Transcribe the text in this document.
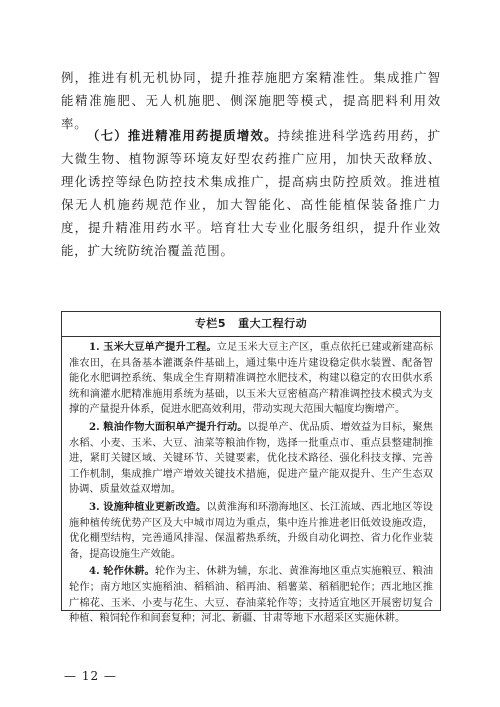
例，推进有机无机协同，提升推荐施肥方案精准性。集成推广智能精准施肥、无人机施肥、侧深施肥等模式，提高肥料利用效率。

（七）推进精准用药提质增效。持续推进科学选药用药，扩大微生物、植物源等环境友好型农药推广应用，加快天敌释放、理化诱控等绿色防控技术集成推广，提高病虫防控质效。推进植保无人机施药规范作业，加大智能化、高性能植保装备推广力度，提升精准用药水平。培育壮大专业化服务组织，提升作业效能，扩大统防统治覆盖范围。

专栏5 重大工程行动

1. 玉米大豆单产提升工程。立足玉米大豆主产区，重点依托已建或新建高标准农田，在具备基本灌溉条件基础上，通过集中连片建设稳定供水装置、配备智能化水肥调控系统、集成全生育期精准调控水肥技术，构建以稳定的农田供水系统和滴灌水肥精准施用系统为基础，以玉米大豆密植高产精准调控技术模式为支撑的产量提升体系，促进水肥高效利用，带动实现大范围大幅度均衡增产。

2. 粮油作物大面积单产提升行动。以提单产、优品质、增效益为目标，聚焦水稻、小麦、玉米、大豆、油菜等粮油作物，选择一批重点市、重点县整建制推进，紧盯关键区域、关键环节、关键要素，优化技术路径、强化科技支撑、完善工作机制，集成推广增产增效关键技术措施，促进产量产能双提升、生产生态双协调、质量效益双增加。

3. 设施种植业更新改造。以黄淮海和环渤海地区、长江流域、西北地区等设施种植传统优势产区及大中城市周边为重点，集中连片推进老旧低效设施改造，优化棚型结构，完善通风排湿、保温蓄热系统，升级自动化调控、省力化作业装备，提高设施生产效能。

4. 轮作休耕。轮作为主、休耕为辅，东北、黄淮海地区重点实施粮豆、粮油轮作；南方地区实施稻油、稻稻油、稻再油、稻薯菜、稻稻肥轮作；西北地区推广棉花、玉米、小麦与花生、大豆、春油菜轮作等；支持适宜地区开展密切复合种植、粮饲轮作和间套复种；河北、新疆、甘肃等地下水超采区实施休耕。

— 12 —
